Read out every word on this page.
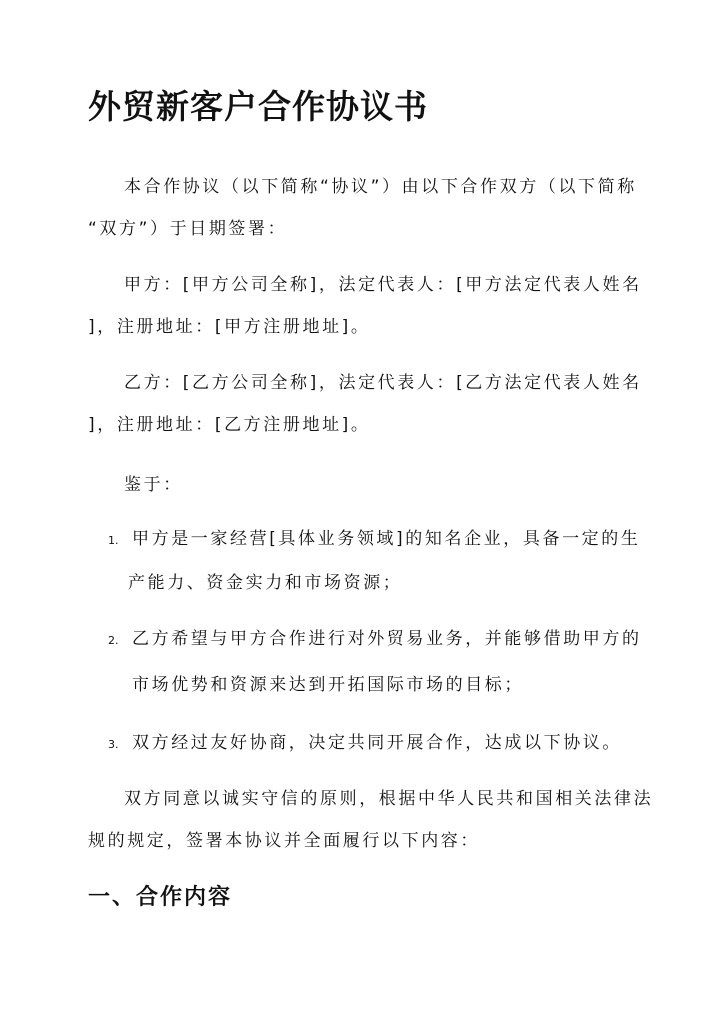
外贸新客户合作协议书

本合作协议（以下简称“协议”）由以下合作双方（以下简称
“双方”）于日期签署：

甲方：[甲方公司全称]，法定代表人：[甲方法定代表人姓名
]，注册地址：[甲方注册地址]。

乙方：[乙方公司全称]，法定代表人：[乙方法定代表人姓名
]，注册地址：[乙方注册地址]。

鉴于：

1. 甲方是一家经营[具体业务领域]的知名企业，具备一定的生
产能力、资金实力和市场资源；
2. 乙方希望与甲方合作进行对外贸易业务，并能够借助甲方的
市场优势和资源来达到开拓国际市场的目标；
3. 双方经过友好协商，决定共同开展合作，达成以下协议。

双方同意以诚实守信的原则，根据中华人民共和国相关法律法
规的规定，签署本协议并全面履行以下内容：

一、合作内容
